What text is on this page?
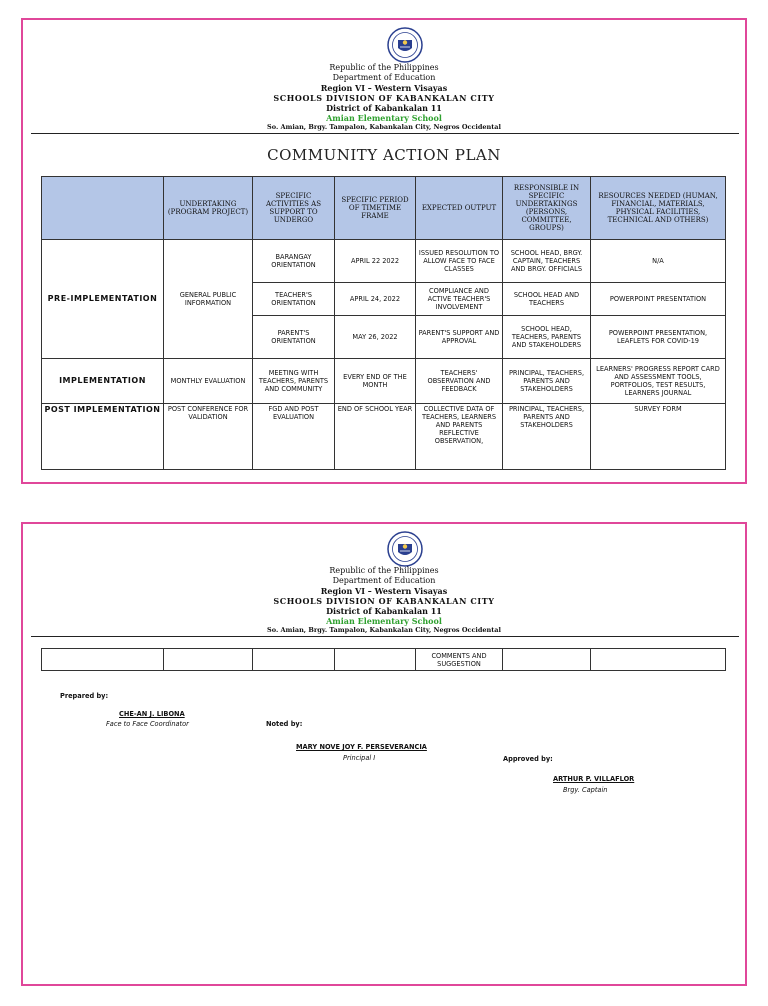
Republic of the Philippines
Department of Education
Region VI – Western Visayas
SCHOOLS DIVISION OF KABANKALAN CITY
District of Kabankalan 11
Amian Elementary School
So. Amian, Brgy. Tampalon, Kabankalan City, Negros Occidental
COMMUNITY ACTION PLAN
	UNDERTAKING (PROGRAM PROJECT)	SPECIFIC ACTIVITIES AS SUPPORT TO UNDERGO	SPECIFIC PERIOD OF TIMETIME FRAME	EXPECTED OUTPUT	RESPONSIBLE IN SPECIFIC UNDERTAKINGS (PERSONS, COMMITTEE, GROUPS)	RESOURCES NEEDED (HUMAN, FINANCIAL, MATERIALS, PHYSICAL FACILITIES, TECHNICAL AND OTHERS)
PRE-IMPLEMENTATION	GENERAL PUBLIC INFORMATION	BARANGAY ORIENTATION	APRIL 22 2022	ISSUED RESOLUTION TO ALLOW FACE TO FACE CLASSES	SCHOOL HEAD, BRGY. CAPTAIN, TEACHERS AND BRGY. OFFICIALS	N/A
		TEACHER'S ORIENTATION	APRIL 24, 2022	COMPLIANCE AND ACTIVE TEACHER'S INVOLVEMENT	SCHOOL HEAD AND TEACHERS	POWERPOINT PRESENTATION
		PARENT'S ORIENTATION	MAY 26, 2022	PARENT'S SUPPORT AND APPROVAL	SCHOOL HEAD, TEACHERS, PARENTS AND STAKEHOLDERS	POWERPOINT PRESENTATION, LEAFLETS FOR COVID-19
IMPLEMENTATION	MONTHLY EVALUATION	MEETING WITH TEACHERS, PARENTS AND COMMUNITY	EVERY END OF THE MONTH	TEACHERS' OBSERVATION AND FEEDBACK	PRINCIPAL, TEACHERS, PARENTS AND STAKEHOLDERS	LEARNERS' PROGRESS REPORT CARD AND ASSESSMENT TOOLS, PORTFOLIOS, TEST RESULTS, LEARNERS JOURNAL
POST IMPLEMENTATION	POST CONFERENCE FOR VALIDATION	FGD AND POST EVALUATION	END OF SCHOOL YEAR	COLLECTIVE DATA OF TEACHERS, LEARNERS AND PARENTS REFLECTIVE OBSERVATION,	PRINCIPAL, TEACHERS, PARENTS AND STAKEHOLDERS	SURVEY FORM
Republic of the Philippines
Department of Education
Region VI – Western Visayas
SCHOOLS DIVISION OF KABANKALAN CITY
District of Kabankalan 11
Amian Elementary School
So. Amian, Brgy. Tampalon, Kabankalan City, Negros Occidental
				COMMENTS AND SUGGESTION		
Prepared by:
CHE-AN J. LIBONA
Face to Face Coordinator	Noted by:
MARY NOVE JOY F. PERSEVERANCIA
Principal I	Approved by:
ARTHUR P. VILLAFLOR
Brgy. Captain
